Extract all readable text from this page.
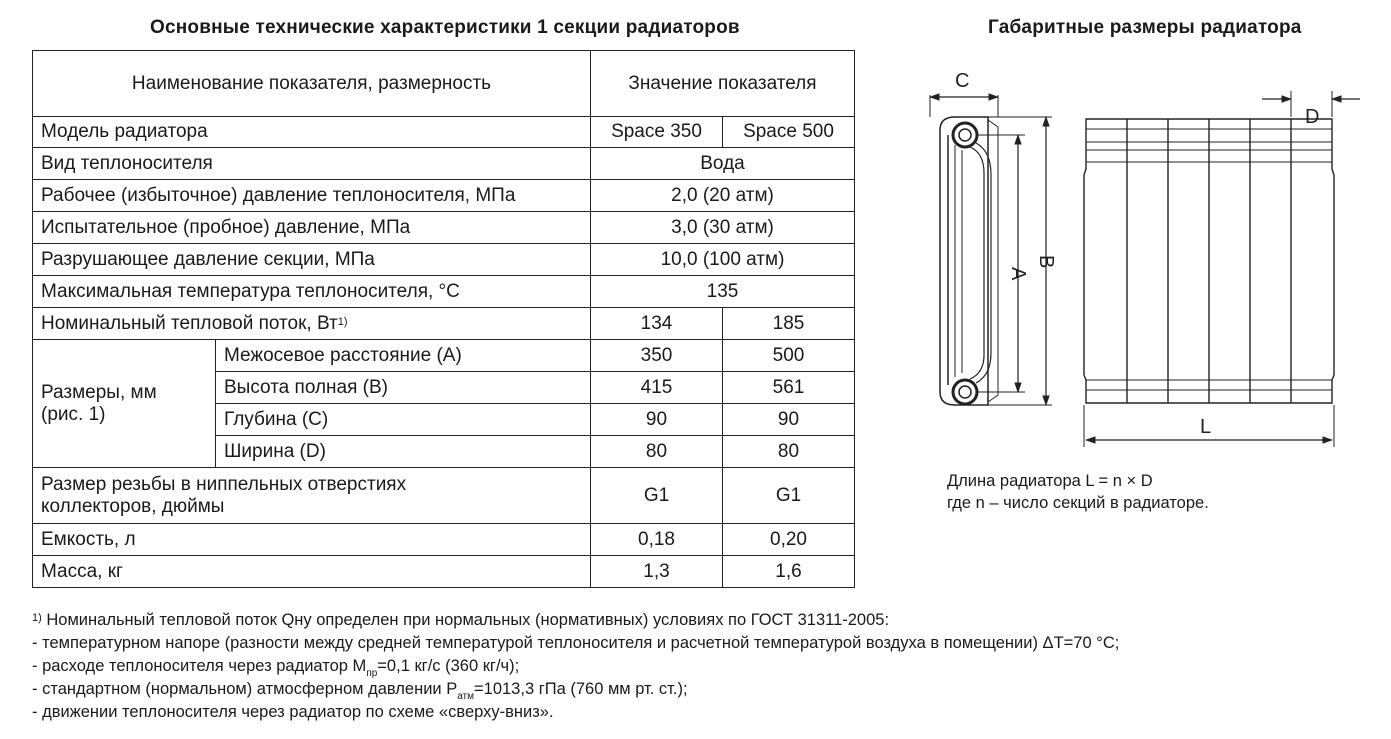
Основные технические характеристики 1 секции радиаторов	Габаритные размеры радиатора
Наименование показателя, размерность		Значение показателя	
Модель радиатора		Space 350	Space 500
Вид теплоносителя		Вода	
Рабочее (избыточное) давление теплоносителя, МПа		2,0 (20 атм)	
Испытательное (пробное) давление, МПа		3,0 (30 атм)	
Разрушающее давление секции, МПа		10,0 (100 атм)	
Максимальная температура теплоносителя, °С		135	
Номинальный тепловой поток, $Вт^{1)}$		134	185
Размеры, мм
(рис. 1)	Межосевое расстояние (А)	350	500
	Высота полная (В)	415	561
	Глубина (С)	90	90
	Ширина (D)	80	80
Размер резьбы в ниппельных отверстиях
коллекторов, дюймы		G1	G1
Емкость, л		0,18	0,20
Масса, кг		1,3	1,6
$^{1)}$ Номинальный тепловой поток Qну определен при нормальных (нормативных) условиях по ГОСТ 31311-2005:
- температурном напоре (разности между средней температурой теплоносителя и расчетной температурой воздуха в помещении) ΔТ=70 °С;
- расходе теплоносителя через радиатор $М_{пр}=0,1$ кг/с (360 кг/ч);
- стандартном (нормальном) атмосферном давлении $Р_{атм}=1013,3$ гПа (760 мм рт. ст.);
- движении теплоносителя через радиатор по схеме «сверху-вниз».
C
D
L
A
B
Длина радиатора L = n × D
где n – число секций в радиаторе.
